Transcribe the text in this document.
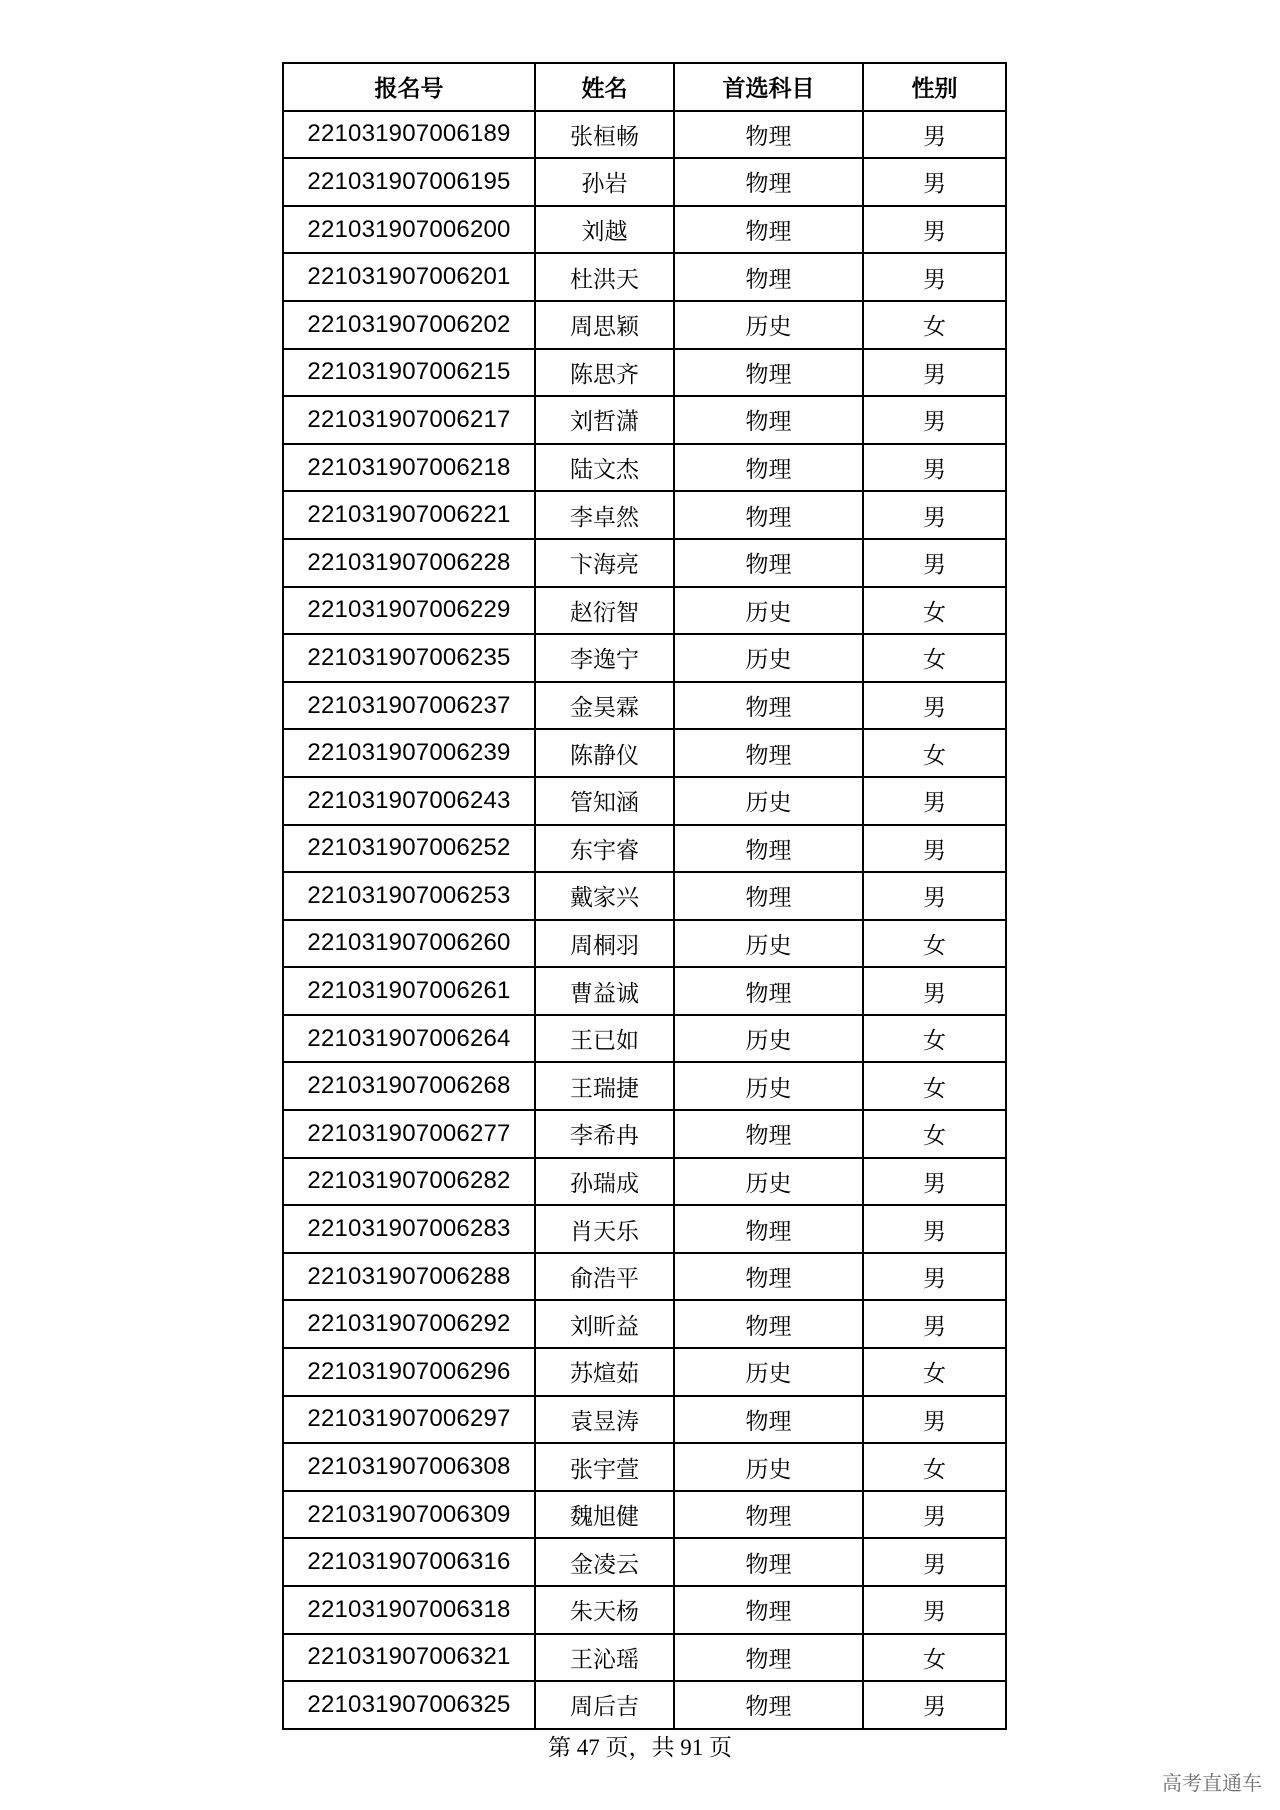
报名号	姓名	首选科目	性别
221031907006189	张桓畅	物理	男
221031907006195	孙岩	物理	男
221031907006200	刘越	物理	男
221031907006201	杜洪天	物理	男
221031907006202	周思颖	历史	女
221031907006215	陈思齐	物理	男
221031907006217	刘哲潇	物理	男
221031907006218	陆文杰	物理	男
221031907006221	李卓然	物理	男
221031907006228	卞海亮	物理	男
221031907006229	赵衍智	历史	女
221031907006235	李逸宁	历史	女
221031907006237	金昊霖	物理	男
221031907006239	陈静仪	物理	女
221031907006243	管知涵	历史	男
221031907006252	东宇睿	物理	男
221031907006253	戴家兴	物理	男
221031907006260	周桐羽	历史	女
221031907006261	曹益诚	物理	男
221031907006264	王已如	历史	女
221031907006268	王瑞捷	历史	女
221031907006277	李希冉	物理	女
221031907006282	孙瑞成	历史	男
221031907006283	肖天乐	物理	男
221031907006288	俞浩平	物理	男
221031907006292	刘昕益	物理	男
221031907006296	苏煊茹	历史	女
221031907006297	袁昱涛	物理	男
221031907006308	张宇萱	历史	女
221031907006309	魏旭健	物理	男
221031907006316	金凌云	物理	男
221031907006318	朱天杨	物理	男
221031907006321	王沁瑶	物理	女
221031907006325	周后吉	物理	男
第 47 页，共 91 页
高考直通车
